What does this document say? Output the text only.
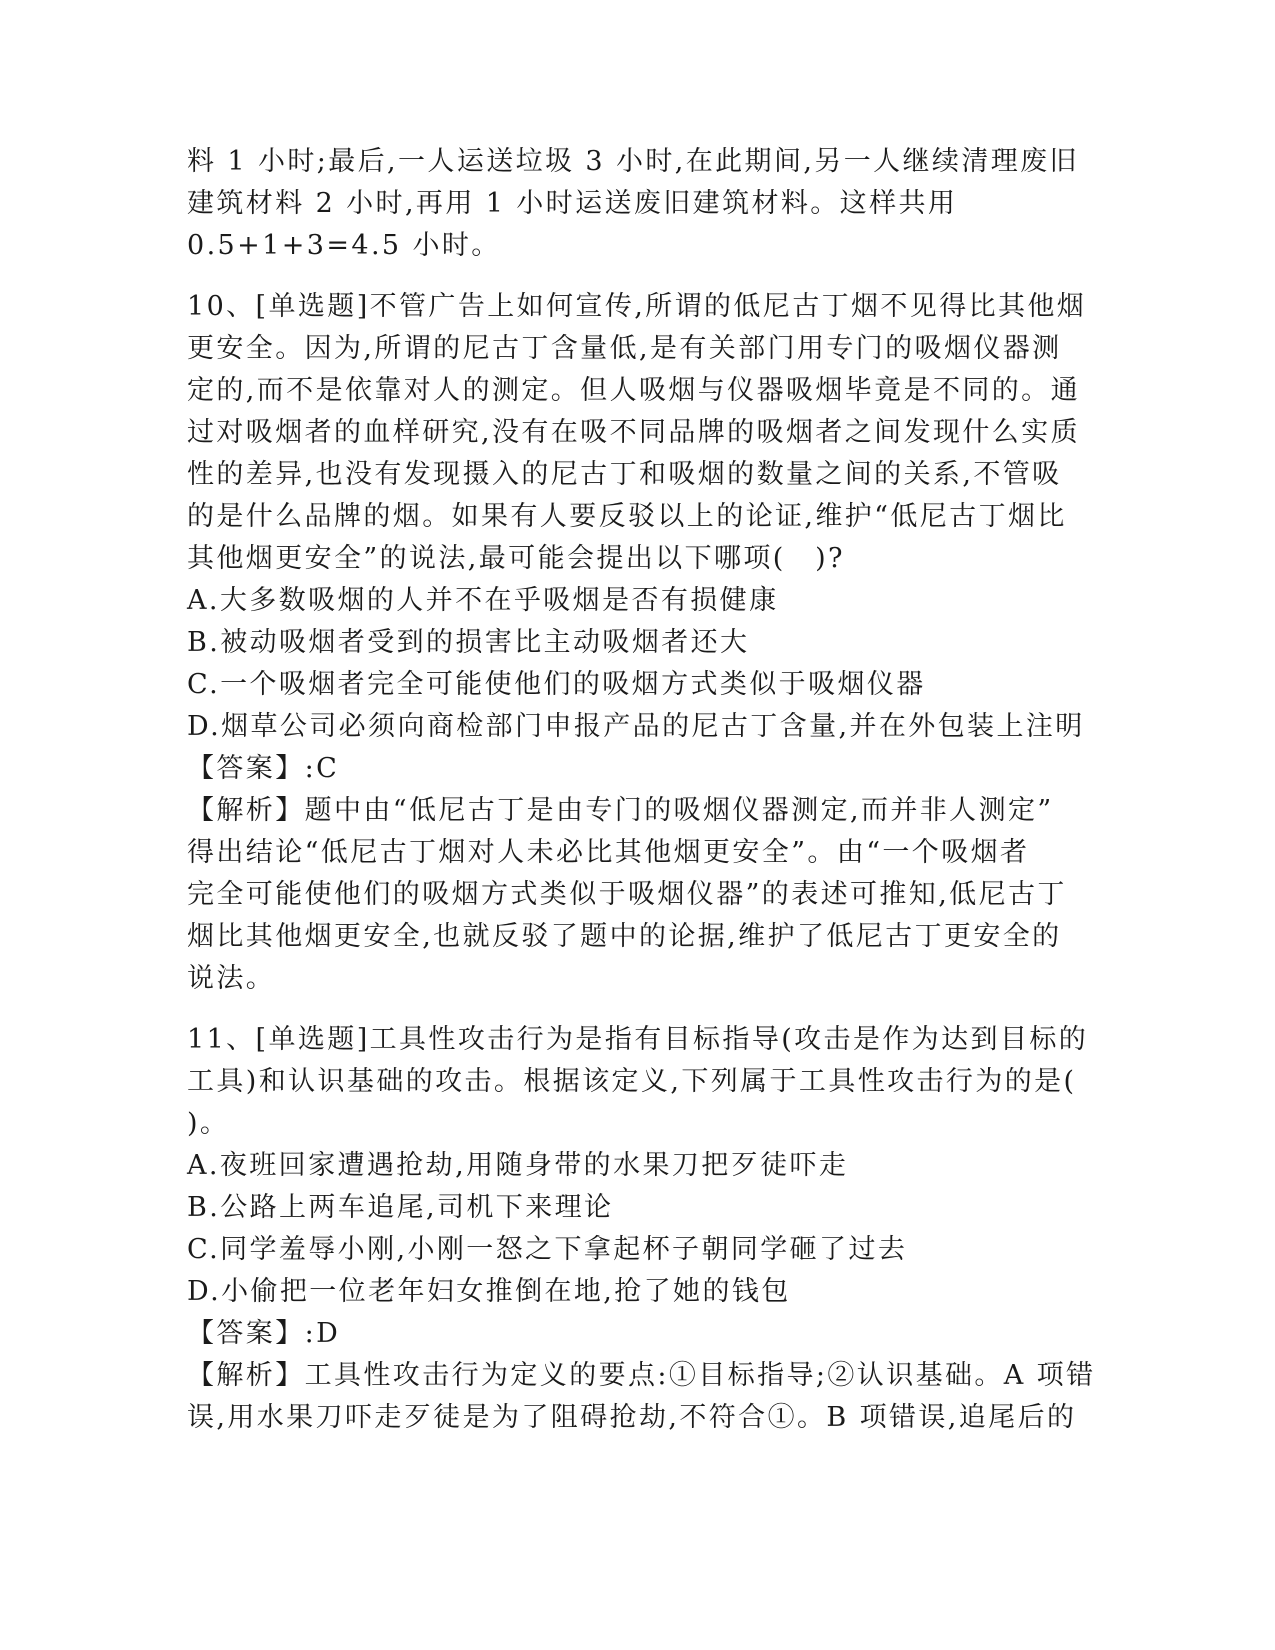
料 1 小时;最后,一人运送垃圾 3 小时,在此期间,另一人继续清理废旧
建筑材料 2 小时,再用 1 小时运送废旧建筑材料。这样共用
0.5+1+3=4.5 小时。
10、[单选题]不管广告上如何宣传,所谓的低尼古丁烟不见得比其他烟
更安全。因为,所谓的尼古丁含量低,是有关部门用专门的吸烟仪器测
定的,而不是依靠对人的测定。但人吸烟与仪器吸烟毕竟是不同的。通
过对吸烟者的血样研究,没有在吸不同品牌的吸烟者之间发现什么实质
性的差异,也没有发现摄入的尼古丁和吸烟的数量之间的关系,不管吸
的是什么品牌的烟。如果有人要反驳以上的论证,维护“低尼古丁烟比
其他烟更安全”的说法,最可能会提出以下哪项(　)?
A.大多数吸烟的人并不在乎吸烟是否有损健康
B.被动吸烟者受到的损害比主动吸烟者还大
C.一个吸烟者完全可能使他们的吸烟方式类似于吸烟仪器
D.烟草公司必须向商检部门申报产品的尼古丁含量,并在外包装上注明
【答案】:C
【解析】题中由“低尼古丁是由专门的吸烟仪器测定,而并非人测定”
得出结论“低尼古丁烟对人未必比其他烟更安全”。由“一个吸烟者
完全可能使他们的吸烟方式类似于吸烟仪器”的表述可推知,低尼古丁
烟比其他烟更安全,也就反驳了题中的论据,维护了低尼古丁更安全的
说法。
11、[单选题]工具性攻击行为是指有目标指导(攻击是作为达到目标的
工具)和认识基础的攻击。根据该定义,下列属于工具性攻击行为的是(
)。
A.夜班回家遭遇抢劫,用随身带的水果刀把歹徒吓走
B.公路上两车追尾,司机下来理论
C.同学羞辱小刚,小刚一怒之下拿起杯子朝同学砸了过去
D.小偷把一位老年妇女推倒在地,抢了她的钱包
【答案】:D
【解析】工具性攻击行为定义的要点:①目标指导;②认识基础。A 项错
误,用水果刀吓走歹徒是为了阻碍抢劫,不符合①。B 项错误,追尾后的
